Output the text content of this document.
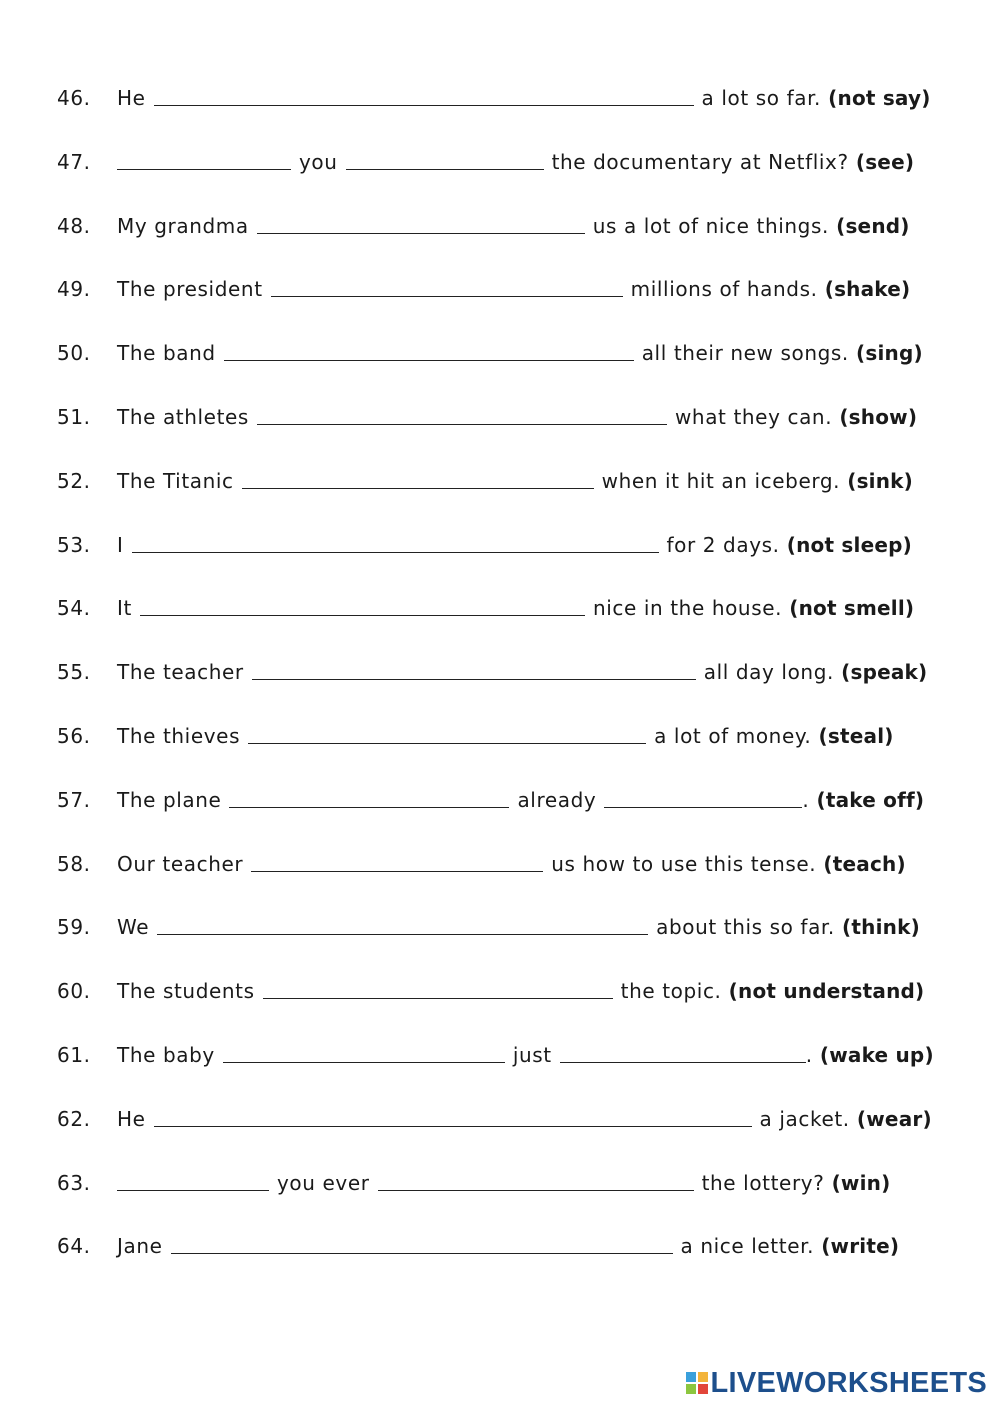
46.	He	a lot so far. (not say)
47.	you	the documentary at Netflix? (see)
48.	My grandma	us a lot of nice things. (send)
49.	The president	millions of hands. (shake)
50.	The band	all their new songs. (sing)
51.	The athletes	what they can. (show)
52.	The Titanic	when it hit an iceberg. (sink)
53.	I	for 2 days. (not sleep)
54.	It	nice in the house. (not smell)
55.	The teacher	all day long. (speak)
56.	The thieves	a lot of money. (steal)
57.	The plane	already	. (take off)
58.	Our teacher	us how to use this tense. (teach)
59.	We	about this so far. (think)
60.	The students	the topic. (not understand)
61.	The baby	just	. (wake up)
62.	He	a jacket. (wear)
63.	you ever	the lottery? (win)
64.	Jane	a nice letter. (write)
LIVEWORKSHEETS
